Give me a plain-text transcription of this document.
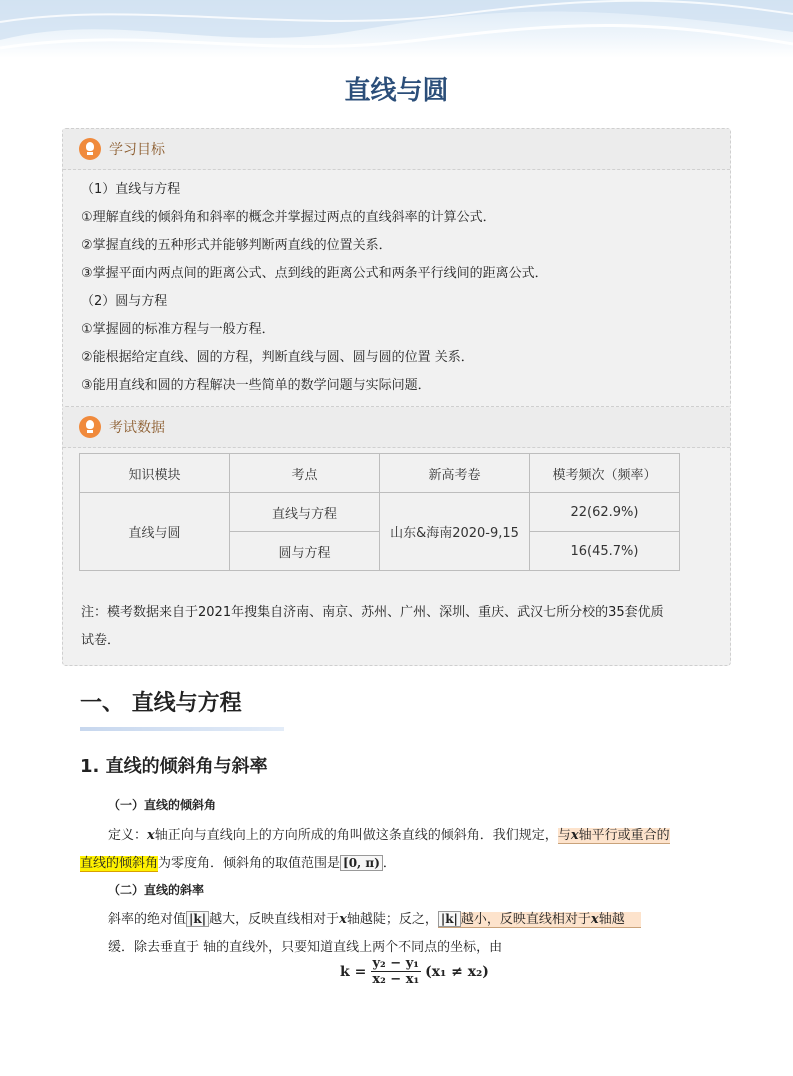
直线与圆
学习目标

（1）直线与方程

①理解直线的倾斜角和斜率的概念并掌握过两点的直线斜率的计算公式．

②掌握直线的五种形式并能够判断两直线的位置关系．

③掌握平面内两点间的距离公式、点到线的距离公式和两条平行线间的距离公式．

（2）圆与方程

①掌握圆的标准方程与一般方程．

②能根据给定直线、圆的方程，判断直线与圆、圆与圆的位置 关系．

③能用直线和圆的方程解决一些简单的数学问题与实际问题．

考试数据
知识模块	考点	新高考卷	模考频次（频率）
直线与圆	直线与方程	山东&海南2020-9,15	22(62.9%)
	圆与方程		16(45.7%)
注：模考数据来自于2021年搜集自济南、南京、苏州、广州、深圳、重庆、武汉七所分校的35套优质
试卷．
一、 直线与方程
1. 直线的倾斜角与斜率
（一）直线的倾斜角
定义：x轴正向与直线向上的方向所成的角叫做这条直线的倾斜角．我们规定，与x轴平行或重合的
直线的倾斜角为零度角．倾斜角的取值范围是 [0, π) ．
（二）直线的斜率
斜率的绝对值 |k| 越大，反映直线相对于x轴越陡；反之， |k| 越小，反映直线相对于x轴越
缓．除去垂直于 轴的直线外，只要知道直线上两个不同点的坐标，由
$k = \frac{\text{y₂ − y₁}}{\text{x₂ − x₁}} (x_1 \ne x_2)$
